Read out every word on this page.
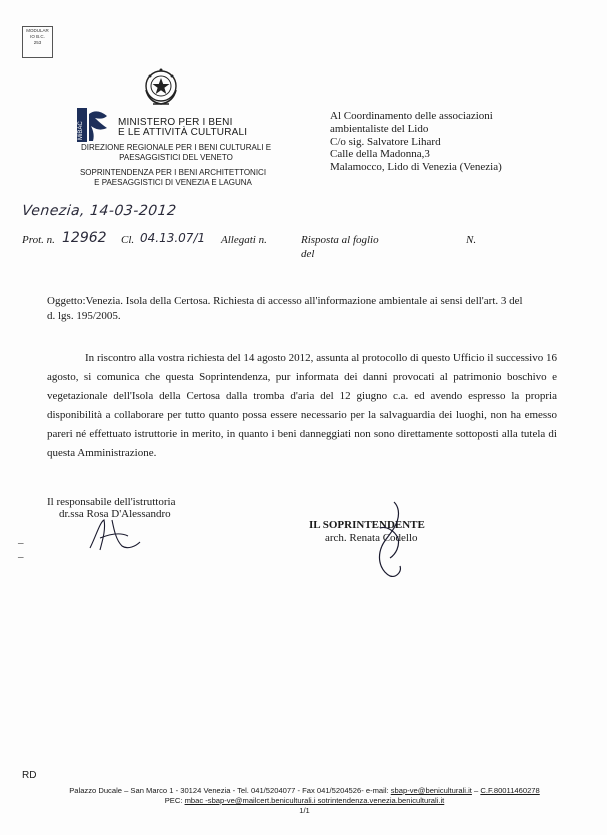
MODULAR
IO B.C.
253
MiBAC	MINISTERO PER I BENI
E LE ATTIVITÀ CULTURALI
DIREZIONE REGIONALE PER I BENI CULTURALI E
PAESAGGISTICI DEL VENETO
SOPRINTENDENZA PER I BENI ARCHITETTONICI
E PAESAGGISTICI DI VENEZIA E LAGUNA
Al Coordinamento delle associazioni
ambientaliste del Lido
C/o sig. Salvatore Lihard
Calle della Madonna,3
Malamocco, Lido di Venezia (Venezia)
Venezia, 14-03-2012
Prot. n. 12962 Cl. 04.13.07/1 Allegati n.	Risposta al foglio
del
N.
Oggetto:Venezia. Isola della Certosa. Richiesta di accesso all'informazione ambientale ai sensi dell'art. 3 del
d. lgs. 195/2005.
In riscontro alla vostra richiesta del 14 agosto 2012, assunta al protocollo di questo Ufficio il successivo 16 agosto, si comunica che questa Soprintendenza, pur informata dei danni provocati al patrimonio boschivo e vegetazionale dell'Isola della Certosa dalla tromba d'aria del 12 giugno c.a. ed avendo espresso la propria disponibilità a collaborare per tutto quanto possa essere necessario per la salvaguardia dei luoghi, non ha emesso pareri né effettuato istruttorie in merito, in quanto i beni danneggiati non sono direttamente sottoposti alla tutela di questa Amministrazione.
Il responsabile dell'istruttoria
dr.ssa Rosa D'Alessandro
–
–
IL SOPRINTENDENTE
arch. Renata Codello
RD
Palazzo Ducale – San Marco 1 - 30124 Venezia - Tel. 041/5204077 - Fax 041/5204526- e-mail: sbap-ve@beniculturali.it – C.F.80011460278
PEC: mbac -sbap-ve@mailcert.beniculturali.i sotrintendenza.venezia.beniculturali.it
1/1
